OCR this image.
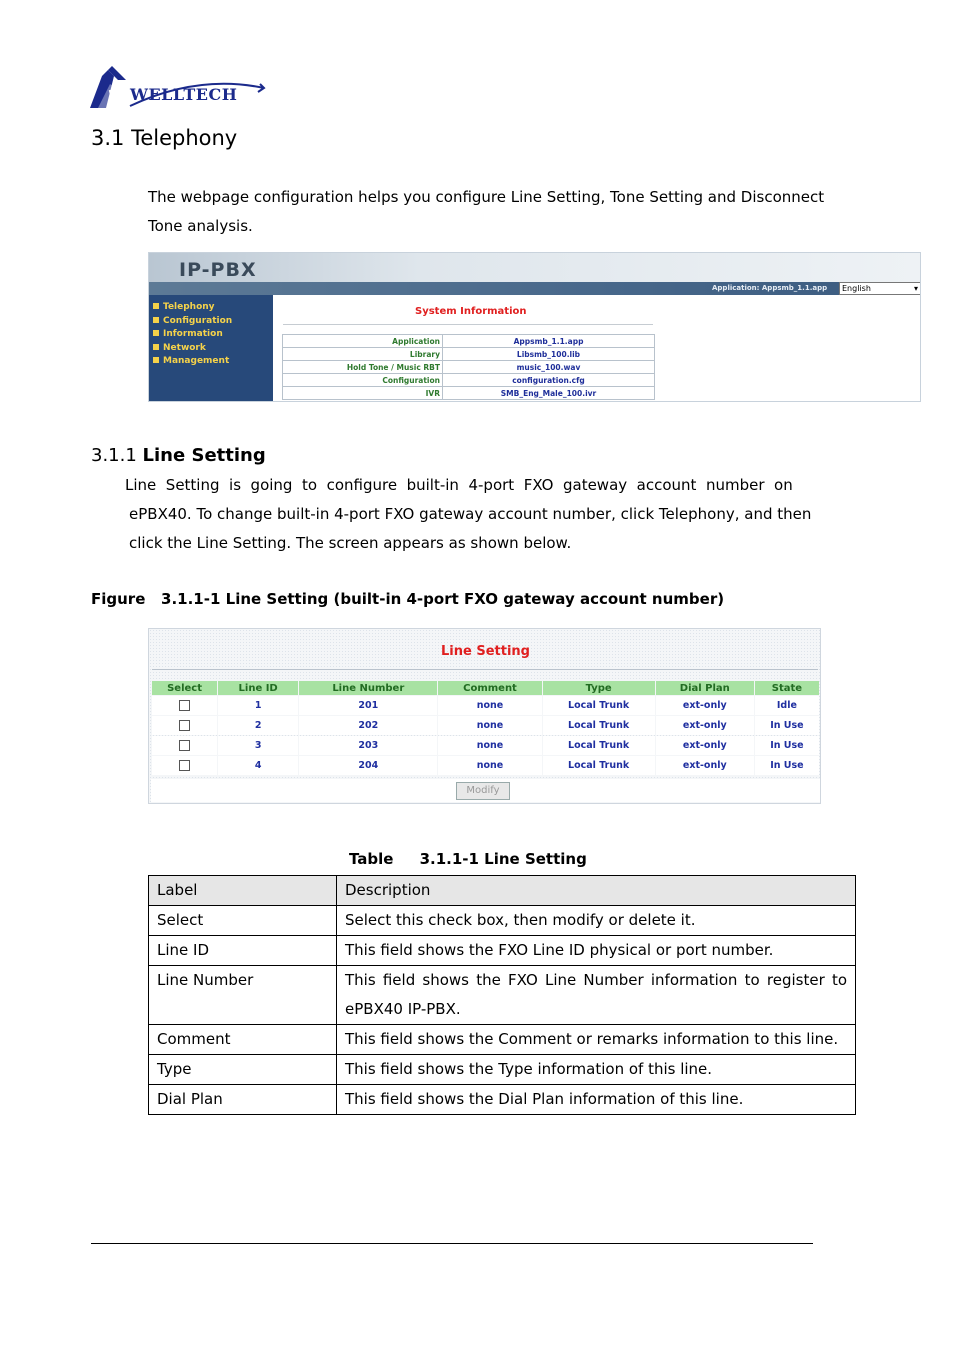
WELLTECH
3.1 Telephony
The webpage configuration helps you configure Line Setting, Tone Setting and Disconnect
Tone analysis.
IP-PBX
Application: Appsmb_1.1.app	English	▾
Telephony
Configuration
Information
Network
Management
System Information
Application	Appsmb_1.1.app
Library	Libsmb_100.lib
Hold Tone / Music RBT	music_100.wav
Configuration	configuration.cfg
IVR	SMB_Eng_Male_100.ivr
3.1.1 Line Setting
Line  Setting  is  going  to  configure  built-in  4-port  FXO  gateway  account  number  on
ePBX40. To change built-in 4-port FXO gateway account number, click Telephony, and then
click the Line Setting. The screen appears as shown below.
Figure   3.1.1-1 Line Setting (built-in 4-port FXO gateway account number)
Line Setting
Select	Line ID	Line Number	Comment	Type	Dial Plan	State
	1	201	none	Local Trunk	ext-only	Idle
	2	202	none	Local Trunk	ext-only	In Use
	3	203	none	Local Trunk	ext-only	In Use
	4	204	none	Local Trunk	ext-only	In Use
Modify
Table     3.1.1-1 Line Setting
Label	Description
Select	Select this check box, then modify or delete it.
Line ID	This field shows the FXO Line ID physical or port number.
Line Number	This field shows the FXO Line Number information to register to ePBX40 IP-PBX.
Comment	This field shows the Comment or remarks information to this line.
Type	This field shows the Type information of this line.
Dial Plan	This field shows the Dial Plan information of this line.
